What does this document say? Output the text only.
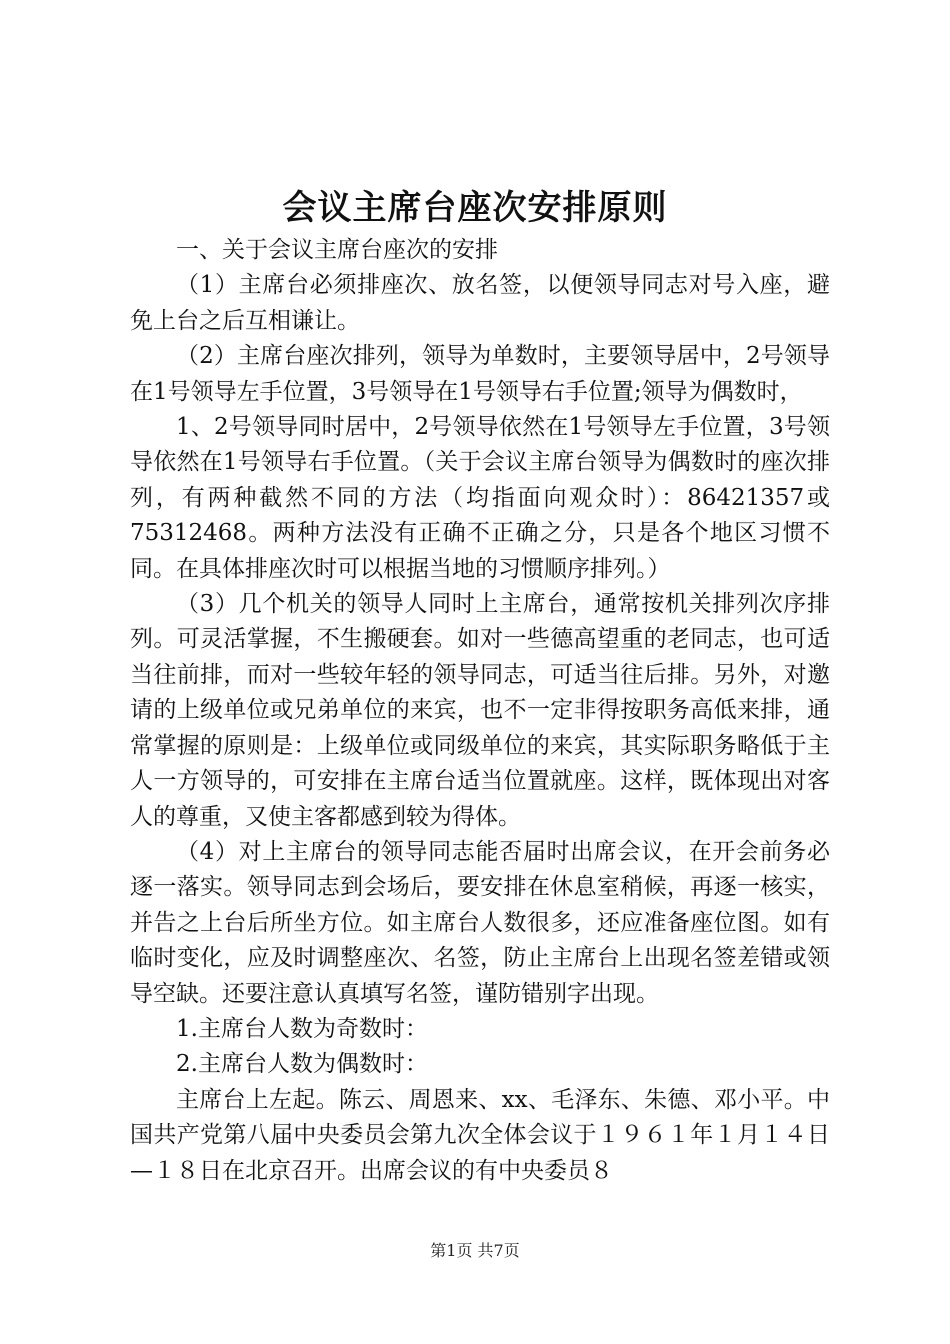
会议主席台座次安排原则

一、关于会议主席台座次的安排

（1）主席台必须排座次、放名签，以便领导同志对号入座，避免上台之后互相谦让。

（2）主席台座次排列，领导为单数时，主要领导居中，2号领导在1号领导左手位置，3号领导在1号领导右手位置;领导为偶数时，

1、2号领导同时居中，2号领导依然在1号领导左手位置，3号领导依然在1号领导右手位置。（关于会议主席台领导为偶数时的座次排列，有两种截然不同的方法（均指面向观众时）：86421357或75312468。两种方法没有正确不正确之分，只是各个地区习惯不同。在具体排座次时可以根据当地的习惯顺序排列。）

（3）几个机关的领导人同时上主席台，通常按机关排列次序排列。可灵活掌握，不生搬硬套。如对一些德高望重的老同志，也可适当往前排，而对一些较年轻的领导同志，可适当往后排。另外，对邀请的上级单位或兄弟单位的来宾，也不一定非得按职务高低来排，通常掌握的原则是：上级单位或同级单位的来宾，其实际职务略低于主人一方领导的，可安排在主席台适当位置就座。这样，既体现出对客人的尊重，又使主客都感到较为得体。

（4）对上主席台的领导同志能否届时出席会议，在开会前务必逐一落实。领导同志到会场后，要安排在休息室稍候，再逐一核实，并告之上台后所坐方位。如主席台人数很多，还应准备座位图。如有临时变化，应及时调整座次、名签，防止主席台上出现名签差错或领导空缺。还要注意认真填写名签，谨防错别字出现。

1.主席台人数为奇数时：

2.主席台人数为偶数时：

主席台上左起。陈云、周恩来、xx、毛泽东、朱德、邓小平。中国共产党第八届中央委员会第九次全体会议于１９６１年１月１４日—１８日在北京召开。出席会议的有中央委员８

第1页 共7页
